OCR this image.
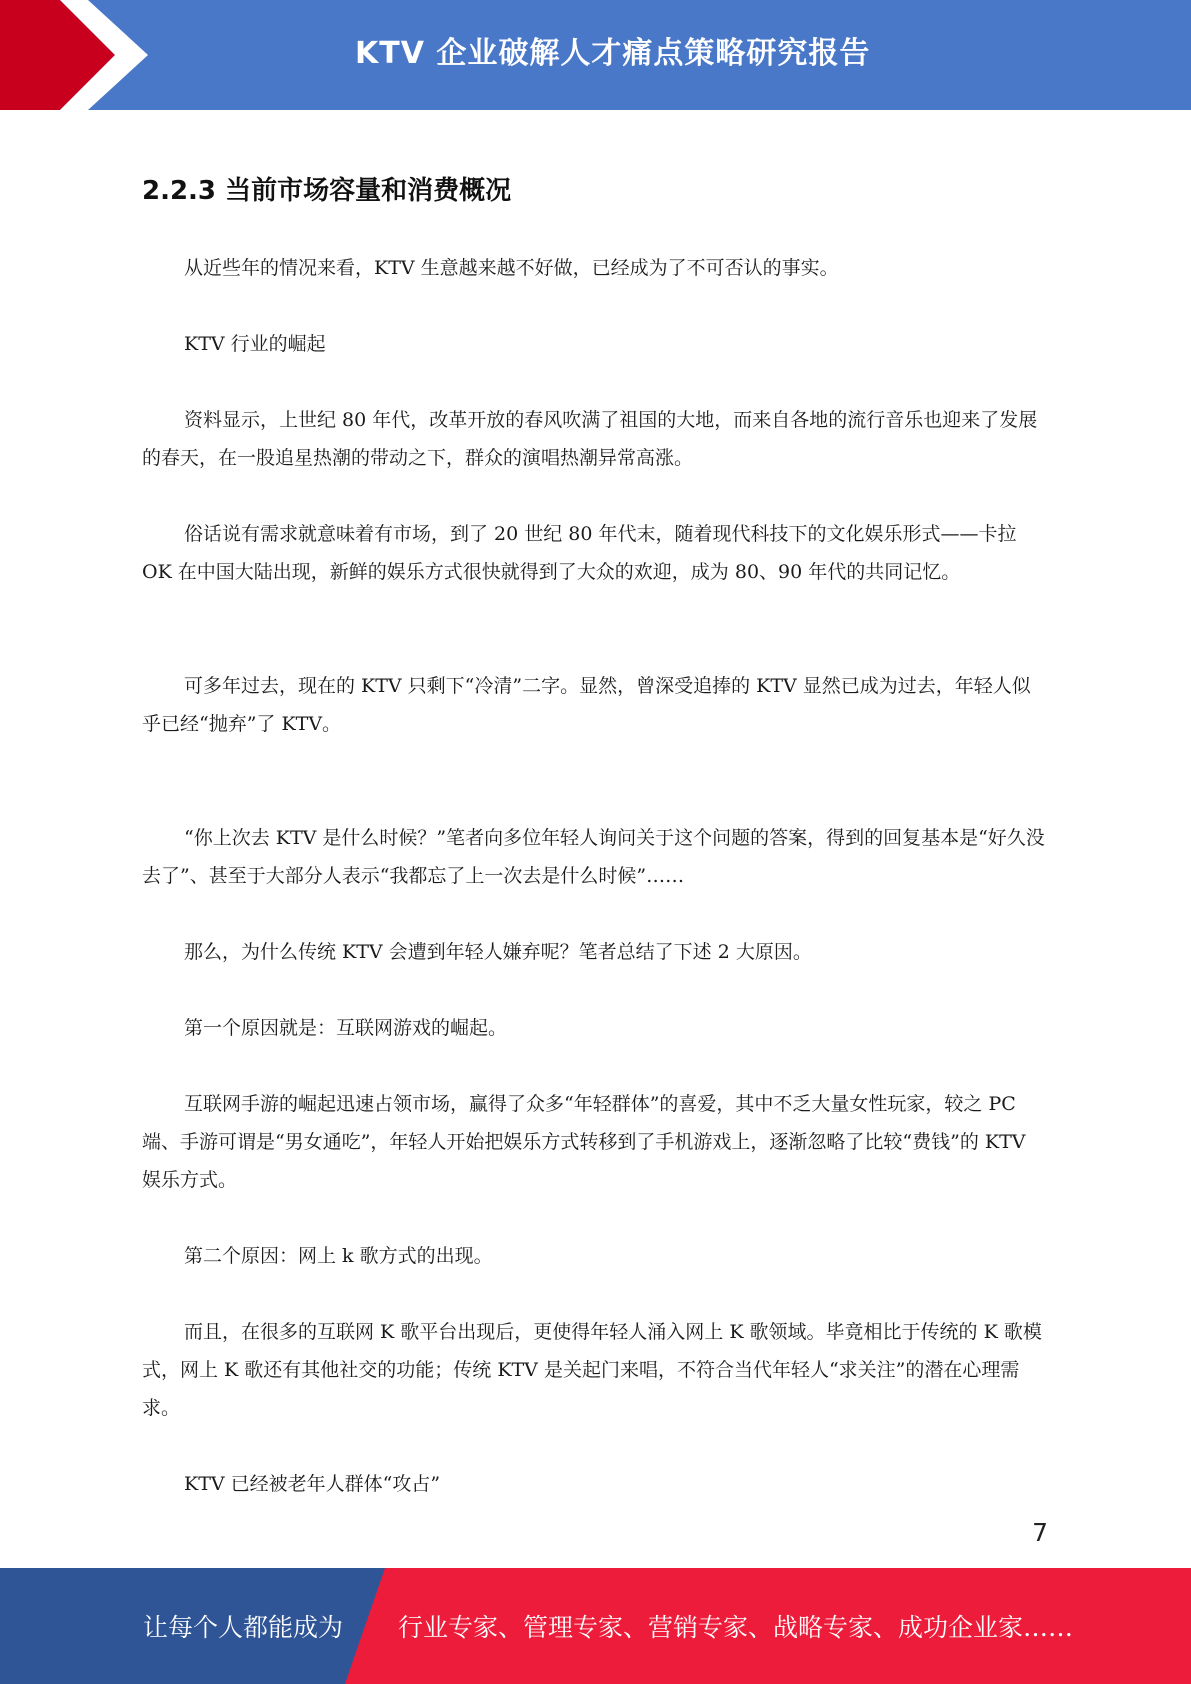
KTV 企业破解人才痛点策略研究报告
2.2.3 当前市场容量和消费概况

从近些年的情况来看，KTV 生意越来越不好做，已经成为了不可否认的事实。

KTV 行业的崛起

资料显示，上世纪 80 年代，改革开放的春风吹满了祖国的大地，而来自各地的流行音乐也迎来了发展的春天，在一股追星热潮的带动之下，群众的演唱热潮异常高涨。

俗话说有需求就意味着有市场，到了 20 世纪 80 年代末，随着现代科技下的文化娱乐形式——卡拉 OK 在中国大陆出现，新鲜的娱乐方式很快就得到了大众的欢迎，成为 80、90 年代的共同记忆。

可多年过去，现在的 KTV 只剩下“冷清”二字。显然，曾深受追捧的 KTV 显然已成为过去，年轻人似乎已经“抛弃”了 KTV。

“你上次去 KTV 是什么时候？”笔者向多位年轻人询问关于这个问题的答案，得到的回复基本是“好久没去了”、甚至于大部分人表示“我都忘了上一次去是什么时候”……

那么，为什么传统 KTV 会遭到年轻人嫌弃呢？笔者总结了下述 2 大原因。

第一个原因就是：互联网游戏的崛起。

互联网手游的崛起迅速占领市场，赢得了众多“年轻群体”的喜爱，其中不乏大量女性玩家，较之 PC 端、手游可谓是“男女通吃”，年轻人开始把娱乐方式转移到了手机游戏上，逐渐忽略了比较“费钱”的 KTV 娱乐方式。

第二个原因：网上 k 歌方式的出现。

而且，在很多的互联网 K 歌平台出现后，更使得年轻人涌入网上 K 歌领域。毕竟相比于传统的 K 歌模式，网上 K 歌还有其他社交的功能；传统 KTV 是关起门来唱，不符合当代年轻人“求关注”的潜在心理需求。

KTV 已经被老年人群体“攻占”

7
让每个人都能成为 行业专家、管理专家、营销专家、战略专家、成功企业家……
